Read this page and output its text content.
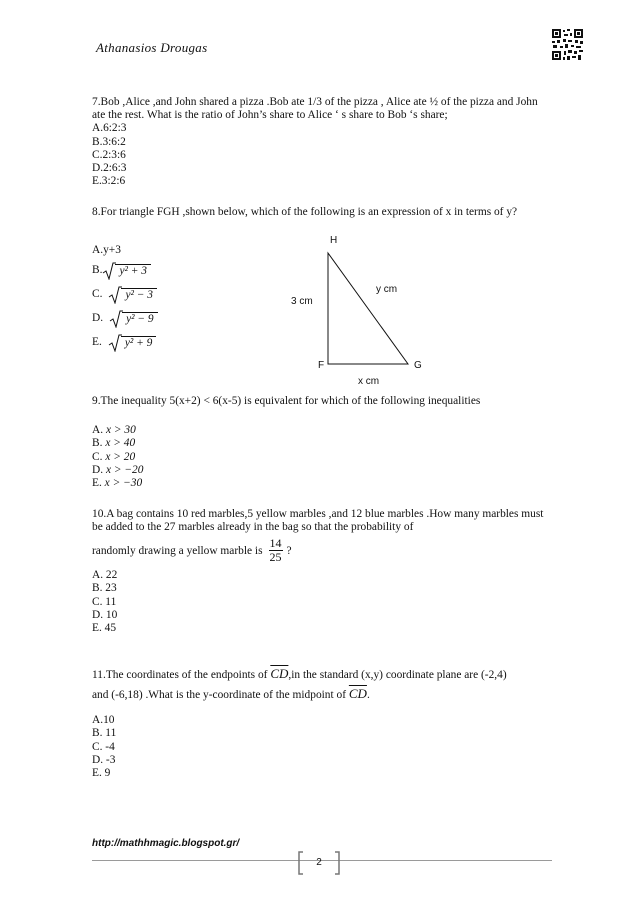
Athanasios Drougas

7.Bob ,Alice ,and John shared a pizza .Bob ate 1/3 of the pizza , Alice ate ½ of the pizza and John ate the rest. What is the ratio of John’s share to Alice ‘ s share to Bob ‘s share;

A.6:2:3

B.3:6:2

C.2:3:6

D.2:6:3

E.3:2:6

8.For triangle FGH ,shown below, which of the following is an expression of x in terms of y?
A.y+3
B.	y² + 3
C.	y² − 3
D.	y² − 9
E.	y² + 9
H
F	G
3 cm
y cm
x cm
9.The inequality 5(x+2) < 6(x-5) is equivalent for which of the following inequalities
A. x > 30
B. x > 40
C. x > 20
D. x > −20
E. x > −30
10.A bag contains 10 red marbles,5 yellow marbles ,and 12 blue marbles .How many marbles must be added to the 27 marbles already in the bag so that the probability of
randomly drawing a yellow marble is $\frac{14}{25}$ ?
A. 22
B. 23
C. 11
D. 10
E. 45
11.The coordinates of the endpoints of $\overline{CD},in$ the standard (x,y) coordinate plane are (-2,4)
and (-6,18) .What is the y-coordinate of the midpoint of $\overline{CD}$.
A.10
B. 11
C. -4
D. -3
E. 9
http://mathhmagic.blogspot.gr/
2
